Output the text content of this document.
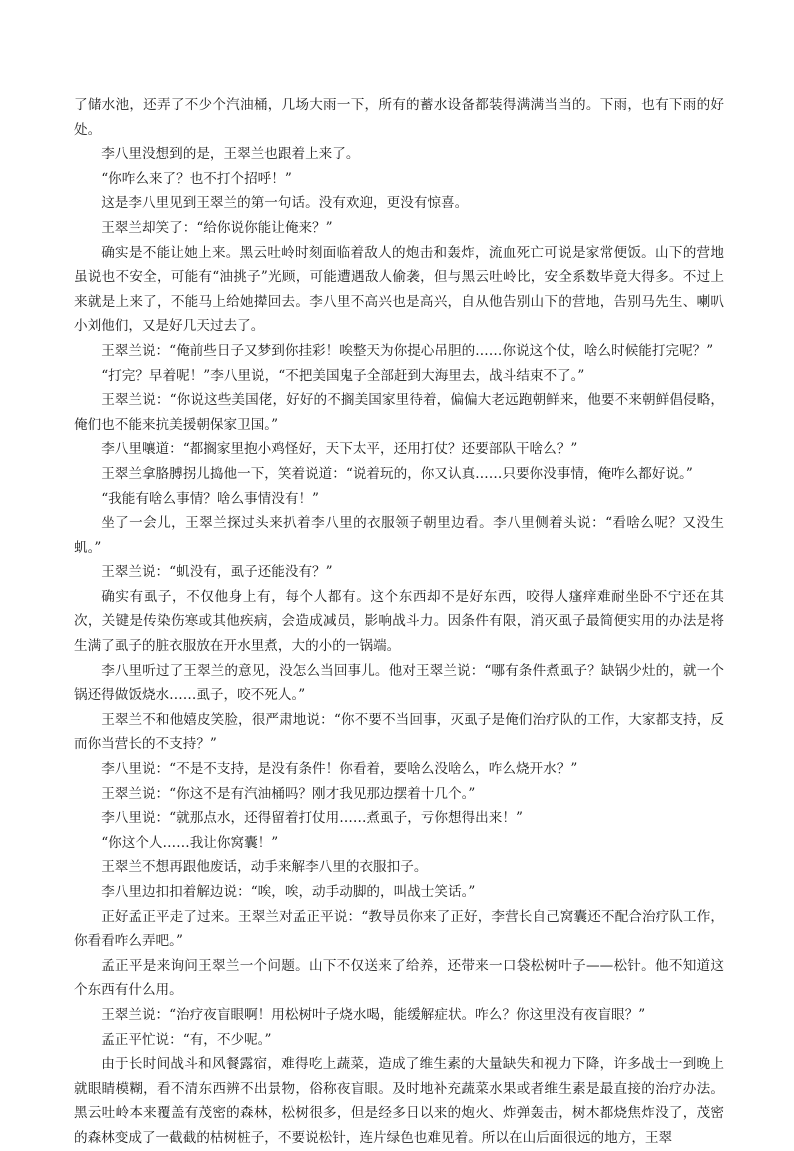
了储水池，还弄了不少个汽油桶，几场大雨一下，所有的蓄水设备都装得满满当当的。下雨，也有下雨的好处。

李八里没想到的是，王翠兰也跟着上来了。

“你咋么来了？也不打个招呼！”

这是李八里见到王翠兰的第一句话。没有欢迎，更没有惊喜。

王翠兰却笑了：“给你说你能让俺来？”

确实是不能让她上来。黑云吐岭时刻面临着敌人的炮击和轰炸，流血死亡可说是家常便饭。山下的营地虽说也不安全，可能有“油挑子”光顾，可能遭遇敌人偷袭，但与黑云吐岭比，安全系数毕竟大得多。不过上来就是上来了，不能马上给她撵回去。李八里不高兴也是高兴，自从他告别山下的营地，告别马先生、喇叭小刘他们，又是好几天过去了。

王翠兰说：“俺前些日子又梦到你挂彩！唉整天为你提心吊胆的……你说这个仗，啥么时候能打完呢？”

“打完？早着呢！”李八里说，“不把美国鬼子全部赶到大海里去，战斗结束不了。”

王翠兰说：“你说这些美国佬，好好的不搁美国家里待着，偏偏大老远跑朝鲜来，他要不来朝鲜倡侵略，俺们也不能来抗美援朝保家卫国。”

李八里嚷道：“都搁家里抱小鸡怪好，天下太平，还用打仗？还要部队干啥么？”

王翠兰拿胳膊拐儿捣他一下，笑着说道：“说着玩的，你又认真……只要你没事情，俺咋么都好说。”

“我能有啥么事情？啥么事情没有！”

坐了一会儿，王翠兰探过头来扒着李八里的衣服领子朝里边看。李八里侧着头说：“看啥么呢？又没生虮。”

王翠兰说：“虮没有，虱子还能没有？”

确实有虱子，不仅他身上有，每个人都有。这个东西却不是好东西，咬得人瘙痒难耐坐卧不宁还在其次，关键是传染伤寒或其他疾病，会造成减员，影响战斗力。因条件有限，消灭虱子最简便实用的办法是将生满了虱子的脏衣服放在开水里煮，大的小的一锅端。

李八里听过了王翠兰的意见，没怎么当回事儿。他对王翠兰说：“哪有条件煮虱子？缺锅少灶的，就一个锅还得做饭烧水……虱子，咬不死人。”

王翠兰不和他嬉皮笑脸，很严肃地说：“你不要不当回事，灭虱子是俺们治疗队的工作，大家都支持，反而你当营长的不支持？”

李八里说：“不是不支持，是没有条件！你看着，要啥么没啥么，咋么烧开水？”

王翠兰说：“你这不是有汽油桶吗？刚才我见那边摆着十几个。”

李八里说：“就那点水，还得留着打仗用……煮虱子，亏你想得出来！”

“你这个人……我让你窝囊！”

王翠兰不想再跟他废话，动手来解李八里的衣服扣子。

李八里边扣扣着解边说：“唉，唉，动手动脚的，叫战士笑话。”

正好孟正平走了过来。王翠兰对孟正平说：“教导员你来了正好，李营长自己窝囊还不配合治疗队工作，你看看咋么弄吧。”

孟正平是来询问王翠兰一个问题。山下不仅送来了给养，还带来一口袋松树叶子——松针。他不知道这个东西有什么用。

王翠兰说：“治疗夜盲眼啊！用松树叶子烧水喝，能缓解症状。咋么？你这里没有夜盲眼？”

孟正平忙说：“有，不少呢。”

由于长时间战斗和风餐露宿，难得吃上蔬菜，造成了维生素的大量缺失和视力下降，许多战士一到晚上就眼睛模糊，看不清东西辨不出景物，俗称夜盲眼。及时地补充蔬菜水果或者维生素是最直接的治疗办法。黑云吐岭本来覆盖有茂密的森林，松树很多，但是经多日以来的炮火、炸弹轰击，树木都烧焦炸没了，茂密的森林变成了一截截的枯树桩子，不要说松针，连片绿色也难见着。所以在山后面很远的地方，王翠
